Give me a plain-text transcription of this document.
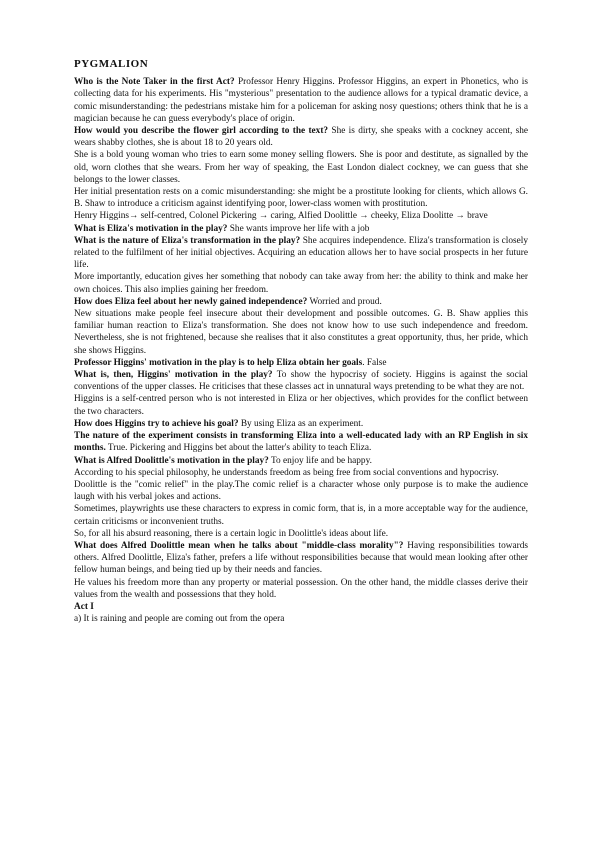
PYGMALION

Who is the Note Taker in the first Act? Professor Henry Higgins. Professor Higgins, an expert in Phonetics, who is collecting data for his experiments. His "mysterious" presentation to the audience allows for a typical dramatic device, a comic misunderstanding: the pedestrians mistake him for a policeman for asking nosy questions; others think that he is a magician because he can guess everybody's place of origin.

How would you describe the flower girl according to the text? She is dirty, she speaks with a cockney accent, she wears shabby clothes, she is about 18 to 20 years old.

She is a bold young woman who tries to earn some money selling flowers. She is poor and destitute, as signalled by the old, worn clothes that she wears. From her way of speaking, the East London dialect cockney, we can guess that she belongs to the lower classes.

Her initial presentation rests on a comic misunderstanding: she might be a prostitute looking for clients, which allows G. B. Shaw to introduce a criticism against identifying poor, lower-class women with prostitution.

Henry Higgins→ self-centred, Colonel Pickering → caring, Alfied Doolittle → cheeky, Eliza Doolitte → brave

What is Eliza's motivation in the play? She wants improve her life with a job

What is the nature of Eliza's transformation in the play? She acquires independence. Eliza's transformation is closely related to the fulfilment of her initial objectives. Acquiring an education allows her to have social prospects in her future life.

More importantly, education gives her something that nobody can take away from her: the ability to think and make her own choices. This also implies gaining her freedom.

How does Eliza feel about her newly gained independence? Worried and proud.

New situations make people feel insecure about their development and possible outcomes. G. B. Shaw applies this familiar human reaction to Eliza's transformation. She does not know how to use such independence and freedom. Nevertheless, she is not frightened, because she realises that it also constitutes a great opportunity, thus, her pride, which she shows Higgins.

Professor Higgins' motivation in the play is to help Eliza obtain her goals. False

What is, then, Higgins' motivation in the play? To show the hypocrisy of society. Higgins is against the social conventions of the upper classes. He criticises that these classes act in unnatural ways pretending to be what they are not.

Higgins is a self-centred person who is not interested in Eliza or her objectives, which provides for the conflict between the two characters.

How does Higgins try to achieve his goal? By using Eliza as an experiment.

The nature of the experiment consists in transforming Eliza into a well-educated lady with an RP English in six months. True. Pickering and Higgins bet about the latter's ability to teach Eliza.

What is Alfred Doolittle's motivation in the play? To enjoy life and be happy.

According to his special philosophy, he understands freedom as being free from social conventions and hypocrisy.

Doolittle is the "comic relief" in the play.The comic relief is a character whose only purpose is to make the audience laugh with his verbal jokes and actions.

Sometimes, playwrights use these characters to express in comic form, that is, in a more acceptable way for the audience, certain criticisms or inconvenient truths.

So, for all his absurd reasoning, there is a certain logic in Doolittle's ideas about life.

What does Alfred Doolittle mean when he talks about "middle-class morality"? Having responsibilities towards others. Alfred Doolittle, Eliza's father, prefers a life without responsibilities because that would mean looking after other fellow human beings, and being tied up by their needs and fancies.

He values his freedom more than any property or material possession. On the other hand, the middle classes derive their values from the wealth and possessions that they hold.

Act I

a) It is raining and people are coming out from the opera
